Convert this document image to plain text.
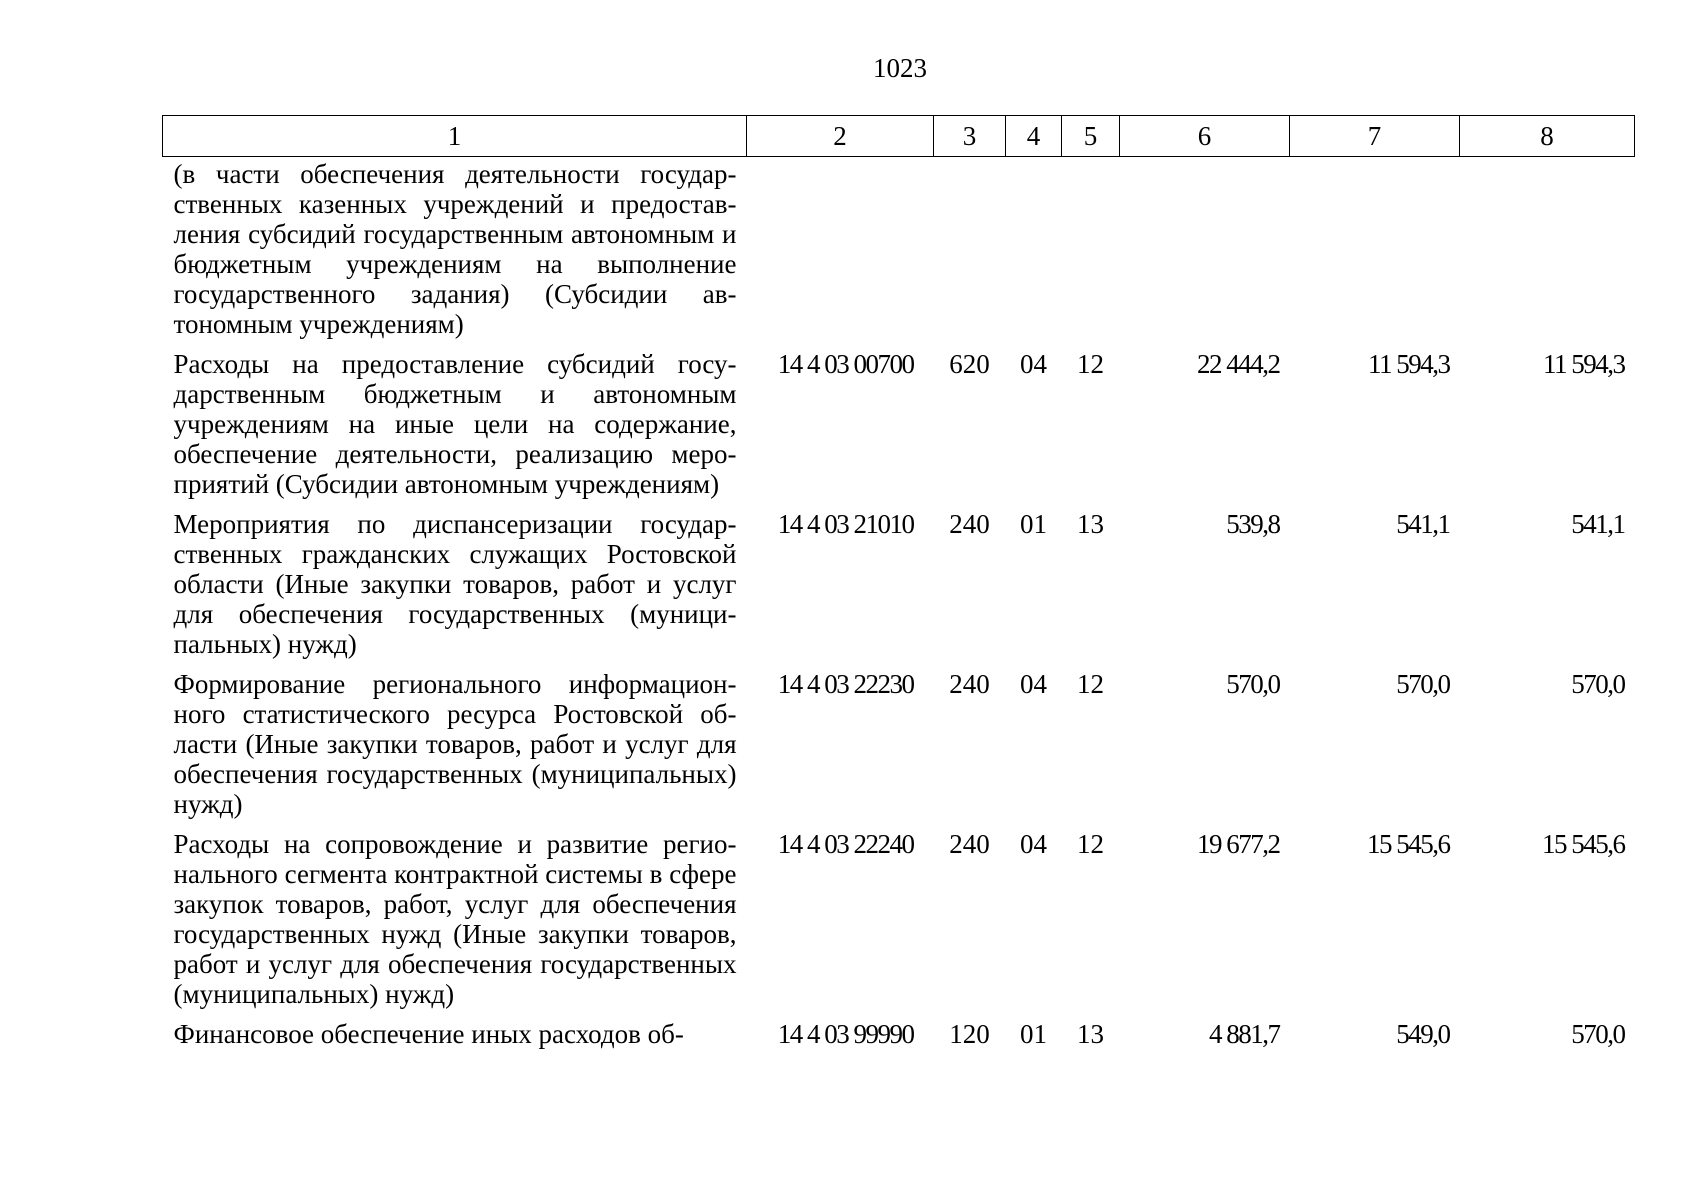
1023
1	2	3	4	5	6	7	8
(в части обеспечения деятельности государственных казенных учреждений и предоставления субсидий государственным автономным и бюджетным учреждениям на выполнение государственного задания) (Субсидии автономным учреждениям)							
Расходы на предоставление субсидий государственным бюджетным и автономным учреждениям на иные цели на содержание, обеспечение деятельности, реализацию мероприятий (Субсидии автономным учреждениям)	14 4 03 00700	620	04	12	22 444,2	11 594,3	11 594,3
Мероприятия по диспансеризации государственных гражданских служащих Ростовской области (Иные закупки товаров, работ и услуг для обеспечения государственных (муниципальных) нужд)	14 4 03 21010	240	01	13	539,8	541,1	541,1
Формирование регионального информационного статистического ресурса Ростовской области (Иные закупки товаров, работ и услуг для обеспечения государственных (муниципальных) нужд)	14 4 03 22230	240	04	12	570,0	570,0	570,0
Расходы на сопровождение и развитие регионального сегмента контрактной системы в сфере закупок товаров, работ, услуг для обеспечения государственных нужд (Иные закупки товаров, работ и услуг для обеспечения государственных (муниципальных) нужд)	14 4 03 22240	240	04	12	19 677,2	15 545,6	15 545,6
Финансовое обеспечение иных расходов об-	14 4 03 99990	120	01	13	4 881,7	549,0	570,0
